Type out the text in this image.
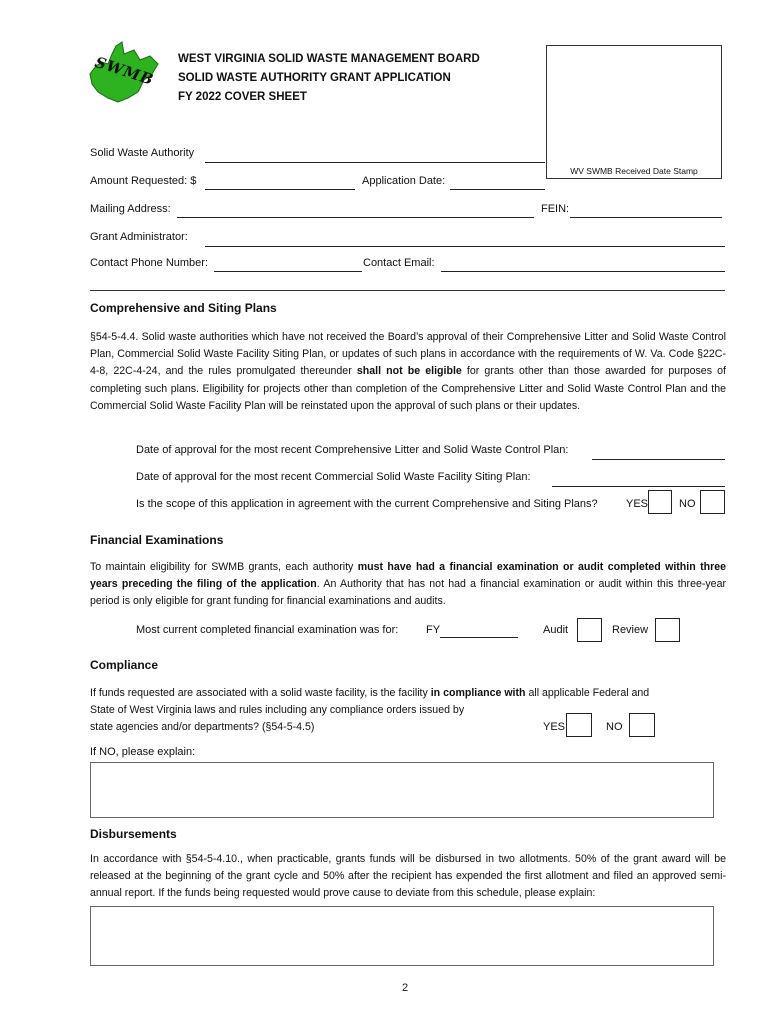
SWMB WEST VIRGINIA SOLID WASTE MANAGEMENT BOARD
SOLID WASTE AUTHORITY GRANT APPLICATION
FY 2022 COVER SHEET
WV SWMB Received Date Stamp
Solid Waste Authority
Amount Requested: $	Application Date:
Mailing Address:	FEIN:
Grant Administrator:
Contact Phone Number:	Contact Email:
Comprehensive and Siting Plans
§54-5-4.4. Solid waste authorities which have not received the Board’s approval of their Comprehensive Litter and Solid Waste Control Plan, Commercial Solid Waste Facility Siting Plan, or updates of such plans in accordance with the requirements of W. Va. Code §22C-4-8, 22C-4-24, and the rules promulgated thereunder shall not be eligible for grants other than those awarded for purposes of completing such plans. Eligibility for projects other than completion of the Comprehensive Litter and Solid Waste Control Plan and the Commercial Solid Waste Facility Plan will be reinstated upon the approval of such plans or their updates.
Date of approval for the most recent Comprehensive Litter and Solid Waste Control Plan:
Date of approval for the most recent Commercial Solid Waste Facility Siting Plan:
Is the scope of this application in agreement with the current Comprehensive and Siting Plans?	YES	NO
Financial Examinations
To maintain eligibility for SWMB grants, each authority must have had a financial examination or audit completed within three years preceding the filing of the application. An Authority that has not had a financial examination or audit within this three-year period is only eligible for grant funding for financial examinations and audits.
Most current completed financial examination was for:	FY	Audit	Review
Compliance
If funds requested are associated with a solid waste facility, is the facility in compliance with all applicable Federal and
State of West Virginia laws and rules including any compliance orders issued by
state agencies and/or departments? (§54-5-4.5)	YES	NO
If NO, please explain:
Disbursements
In accordance with §54-5-4.10., when practicable, grants funds will be disbursed in two allotments. 50% of the grant award will be released at the beginning of the grant cycle and 50% after the recipient has expended the first allotment and filed an approved semi-annual report. If the funds being requested would prove cause to deviate from this schedule, please explain:
2
